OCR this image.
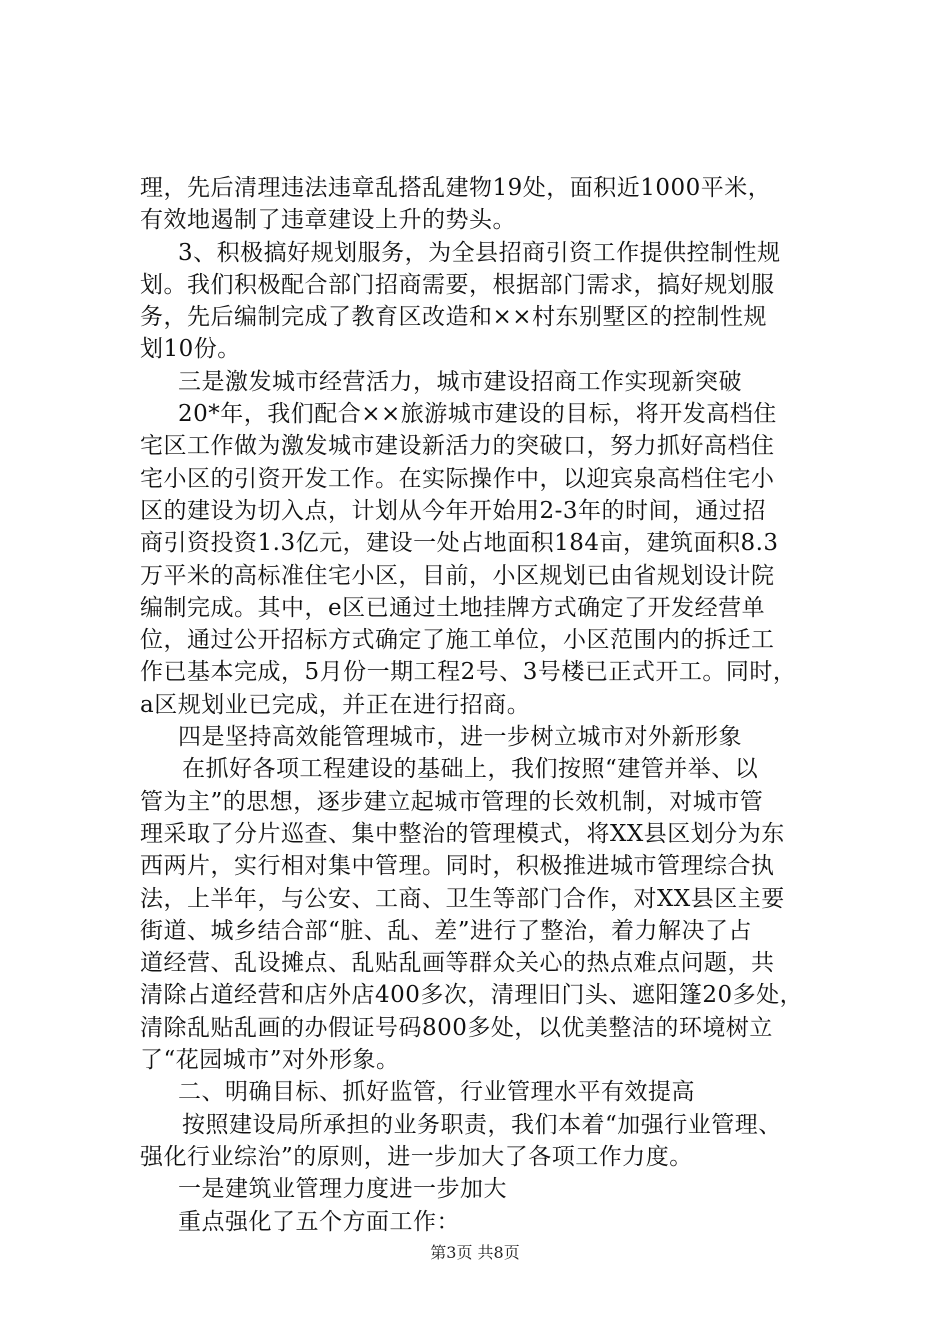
理，先后清理违法违章乱搭乱建物19处，面积近1000平米，
有效地遏制了违章建设上升的势头。
3、积极搞好规划服务，为全县招商引资工作提供控制性规
划。我们积极配合部门招商需要，根据部门需求，搞好规划服
务，先后编制完成了教育区改造和××村东别墅区的控制性规
划10份。
三是激发城市经营活力，城市建设招商工作实现新突破
20*年，我们配合××旅游城市建设的目标，将开发高档住
宅区工作做为激发城市建设新活力的突破口，努力抓好高档住
宅小区的引资开发工作。在实际操作中，以迎宾泉高档住宅小
区的建设为切入点，计划从今年开始用2-3年的时间，通过招
商引资投资1.3亿元，建设一处占地面积184亩，建筑面积8.3
万平米的高标准住宅小区，目前，小区规划已由省规划设计院
编制完成。其中，e区已通过土地挂牌方式确定了开发经营单
位，通过公开招标方式确定了施工单位，小区范围内的拆迁工
作已基本完成，5月份一期工程2号、3号楼已正式开工。同时，
a区规划业已完成，并正在进行招商。
四是坚持高效能管理城市，进一步树立城市对外新形象
在抓好各项工程建设的基础上，我们按照“建管并举、以
管为主”的思想，逐步建立起城市管理的长效机制，对城市管
理采取了分片巡查、集中整治的管理模式，将XX县区划分为东
西两片，实行相对集中管理。同时，积极推进城市管理综合执
法，上半年，与公安、工商、卫生等部门合作，对XX县区主要
街道、城乡结合部“脏、乱、差”进行了整治，着力解决了占
道经营、乱设摊点、乱贴乱画等群众关心的热点难点问题，共
清除占道经营和店外店400多次，清理旧门头、遮阳篷20多处，
清除乱贴乱画的办假证号码800多处，以优美整洁的环境树立
了“花园城市”对外形象。
二、明确目标、抓好监管，行业管理水平有效提高
按照建设局所承担的业务职责，我们本着“加强行业管理、
强化行业综治”的原则，进一步加大了各项工作力度。
一是建筑业管理力度进一步加大
重点强化了五个方面工作：
第3页 共8页
